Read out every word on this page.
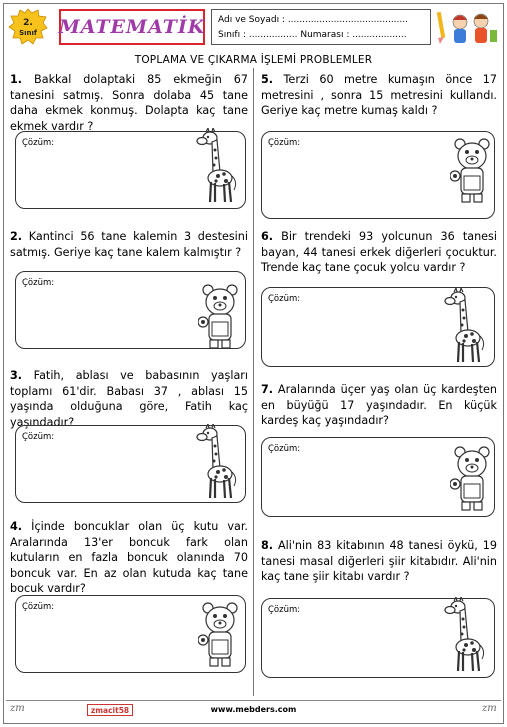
2.
Sınıf MATEMATİK Adı ve Soyadı : ..........................................
Sınıfı : ................. Numarası : ...................
TOPLAMA VE ÇIKARMA İŞLEMİ PROBLEMLER
1. Bakkal dolaptaki 85 ekmeğin 67 tanesini satmış. Sonra dolaba 45 tane daha ekmek konmuş. Dolapta kaç tane ekmek vardır ?
Çözüm:
2. Kantinci 56 tane kalemin 3 destesini satmış. Geriye kaç tane kalem kalmıştır ?
Çözüm:
3. Fatih, ablası ve babasının yaşları toplamı 61'dir. Babası 37 , ablası 15 yaşında olduğuna göre, Fatih kaç yaşındadır?
Çözüm:
4. İçinde boncuklar olan üç kutu var. Aralarında 13'er boncuk fark olan kutuların en fazla boncuk olanında 70 boncuk var. En az olan kutuda kaç tane bocuk vardır?
Çözüm:
5. Terzi 60 metre kumaşın önce 17 metresini , sonra 15 metresini kullandı. Geriye kaç metre kumaş kaldı ?
Çözüm:
6. Bir trendeki 93 yolcunun 36 tanesi bayan, 44 tanesi erkek diğerleri çocuktur. Trende kaç tane çocuk yolcu vardır ?
Çözüm:
7. Aralarında üçer yaş olan üç kardeşten en büyüğü 17 yaşındadır. En küçük kardeş kaç yaşındadır?
Çözüm:
8. Ali'nin 83 kitabının 48 tanesi öykü, 19 tanesi masal diğerleri şiir kitabıdır. Ali'nin kaç tane şiir kitabı vardır ?
Çözüm:
zm	zmacit58	www.mebders.com	zm
